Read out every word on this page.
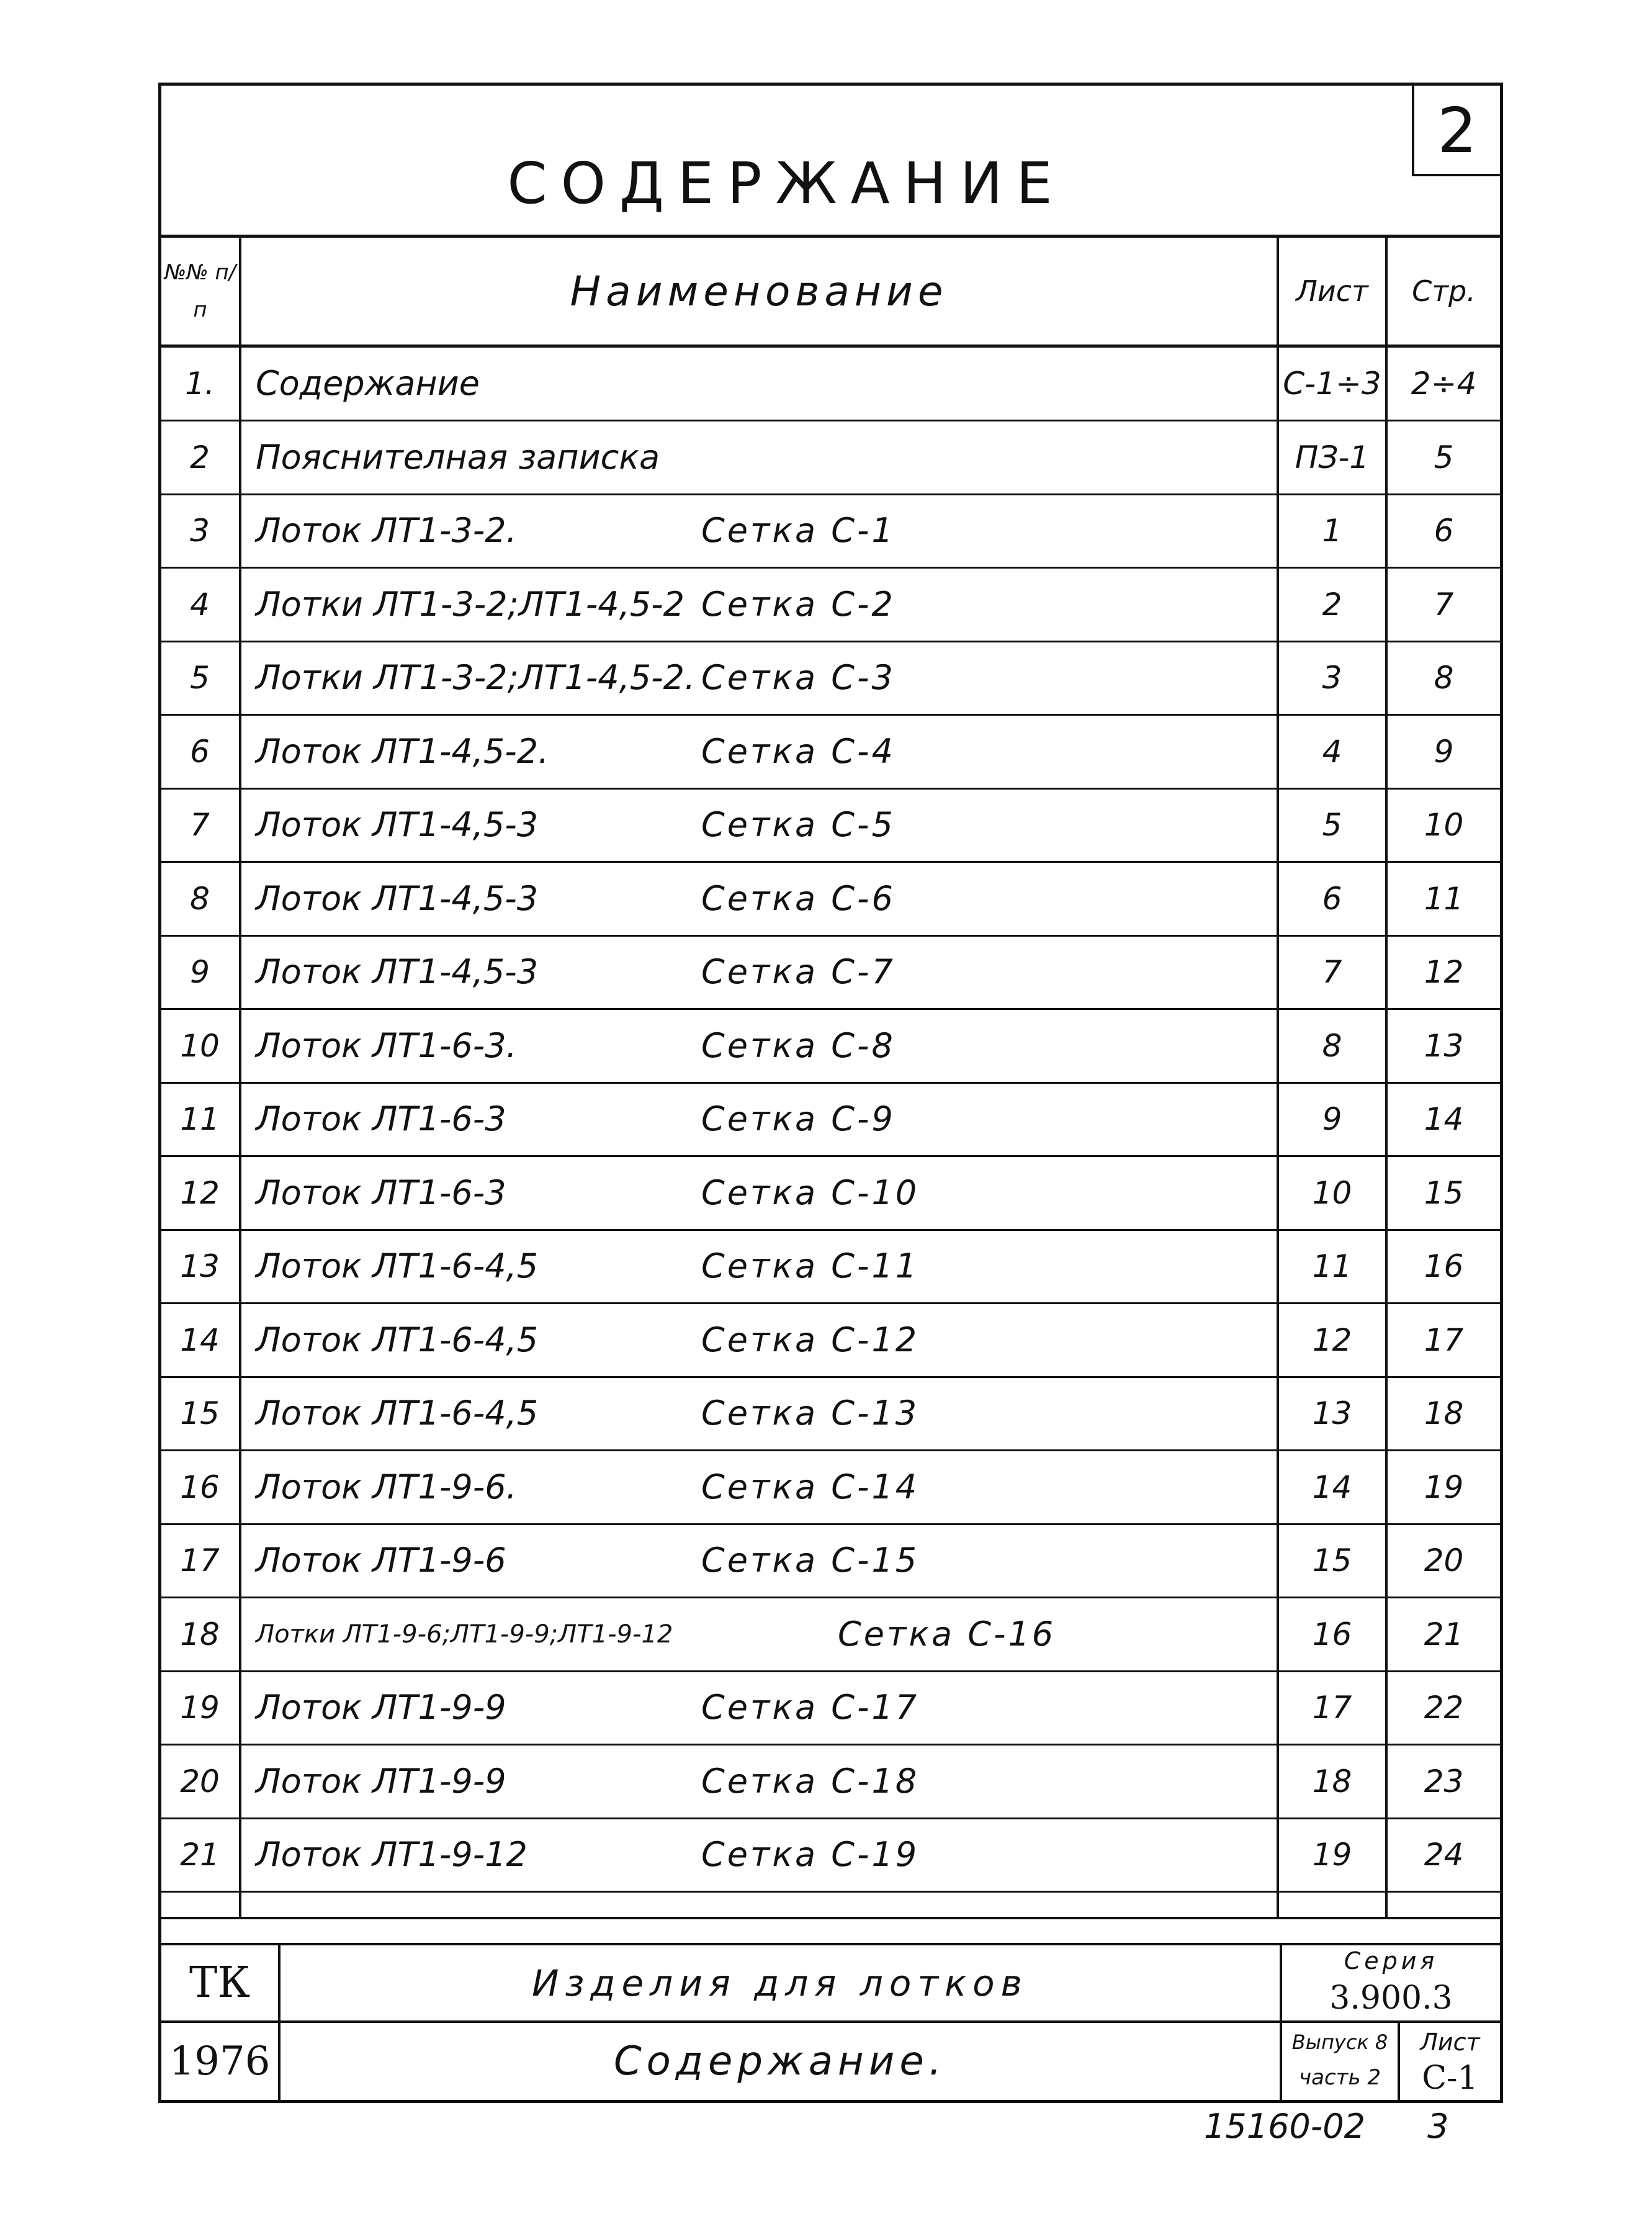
2
СОДЕРЖАНИЕ
№№ п/п	Наименование	Лист	Стр.
1.	Содержание	С-1÷3 2÷4
2	Пояснителная записка	ПЗ-1	5
3	Лоток ЛТ1-3-2.	Сетка С-1	1	6
4	Лотки ЛТ1-3-2;ЛТ1-4,5-2 Сетка С-2	2	7
5	Лотки ЛТ1-3-2;ЛТ1-4,5-2. Сетка С-3	3	8
6	Лоток ЛТ1-4,5-2.	Сетка С-4	4	9
7	Лоток ЛТ1-4,5-3	Сетка С-5	5	10
8	Лоток ЛТ1-4,5-3	Сетка С-6	6	11
9	Лоток ЛТ1-4,5-3	Сетка С-7	7	12
10	Лоток ЛТ1-6-3.	Сетка С-8	8	13
11	Лоток ЛТ1-6-3	Сетка С-9	9	14
12	Лоток ЛТ1-6-3	Сетка С-10	10	15
13	Лоток ЛТ1-6-4,5	Сетка С-11	11	16
14	Лоток ЛТ1-6-4,5	Сетка С-12	12	17
15	Лоток ЛТ1-6-4,5	Сетка С-13	13	18
16	Лоток ЛТ1-9-6.	Сетка С-14	14	19
17	Лоток ЛТ1-9-6	Сетка С-15	15	20
18	Лотки ЛТ1-9-6;ЛТ1-9-9;ЛТ1-9-12	Сетка С-16	16	21
19	Лоток ЛТ1-9-9	Сетка С-17	17	22
20	Лоток ЛТ1-9-9	Сетка С-18	18	23
21	Лоток ЛТ1-9-12	Сетка С-19	19	24
ТК
1976
Изделия для лотков
Содержание.
Серия
3.900.3
Выпуск 8
часть 2
Лист
С-1
15160-02	3
